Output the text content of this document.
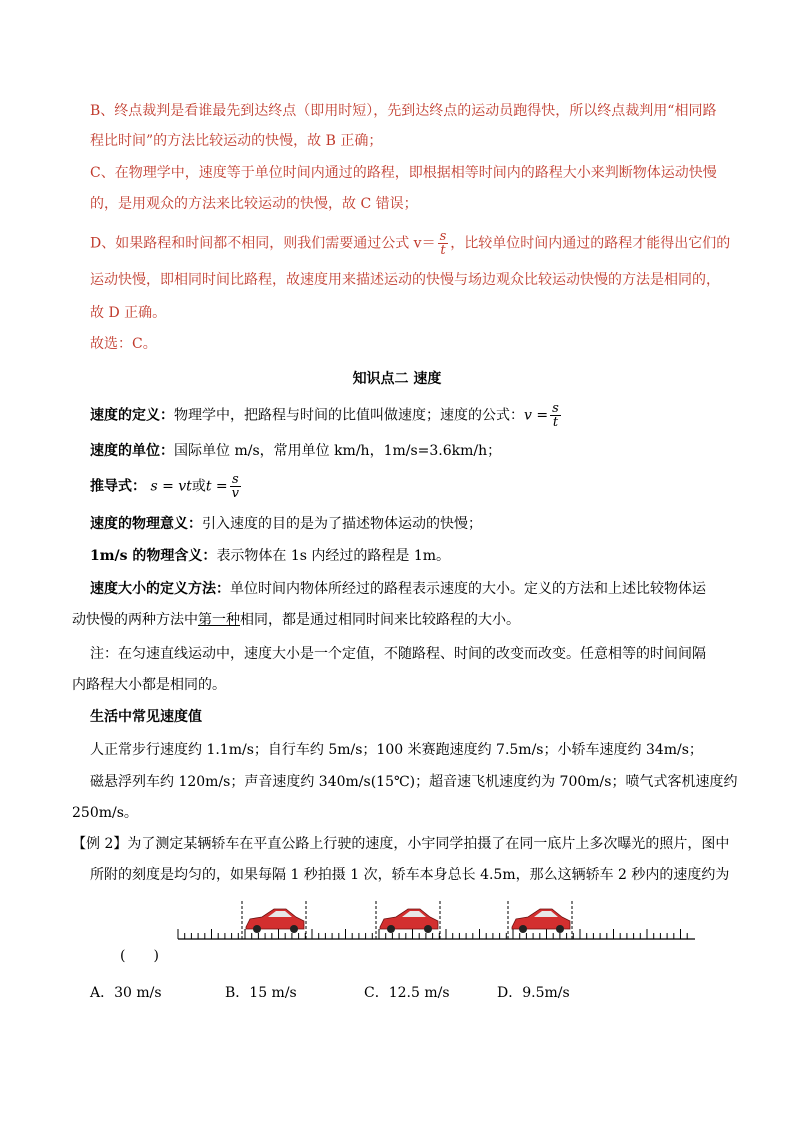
B、终点裁判是看谁最先到达终点（即用时短），先到达终点的运动员跑得快，所以终点裁判用“相同路
程比时间”的方法比较运动的快慢，故 B 正确；
C、在物理学中，速度等于单位时间内通过的路程，即根据相等时间内的路程大小来判断物体运动快慢
的，是用观众的方法来比较运动的快慢，故 C 错误；
D、如果路程和时间都不相同，则我们需要通过公式 $v= \frac{s}{t}$ ，比较单位时间内通过的路程才能得出它们的
运动快慢，即相同时间比路程，故速度用来描述运动的快慢与场边观众比较运动快慢的方法是相同的，
故 D 正确。
故选：C。
知识点二 速度
速度的定义：物理学中，把路程与时间的比值叫做速度；速度的公式：$v = \frac{s}{t}$
速度的单位：国际单位 m/s，常用单位 km/h，1m/s=3.6km/h；
推导式： s = vt或$t = \frac{s}{v}$
速度的物理意义：引入速度的目的是为了描述物体运动的快慢；
1m/s 的物理含义：表示物体在 1s 内经过的路程是 1m。
速度大小的定义方法：单位时间内物体所经过的路程表示速度的大小。定义的方法和上述比较物体运
动快慢的两种方法中第一种相同，都是通过相同时间来比较路程的大小。
注：在匀速直线运动中，速度大小是一个定值，不随路程、时间的改变而改变。任意相等的时间间隔
内路程大小都是相同的。
生活中常见速度值
人正常步行速度约 1.1m/s；自行车约 5m/s；100 米赛跑速度约 7.5m/s；小轿车速度约 34m/s；
磁悬浮列车约 120m/s；声音速度约 340m/s(15℃)；超音速飞机速度约为 700m/s；喷气式客机速度约
250m/s。
【例 2】为了测定某辆轿车在平直公路上行驶的速度，小宇同学拍摄了在同一底片上多次曝光的照片，图中
所附的刻度是均匀的，如果每隔 1 秒拍摄 1 次，轿车本身总长 4.5m，那么这辆轿车 2 秒内的速度约为
(　　)
A．30 m/s	B．15 m/s	C．12.5 m/s	D．9.5m/s
